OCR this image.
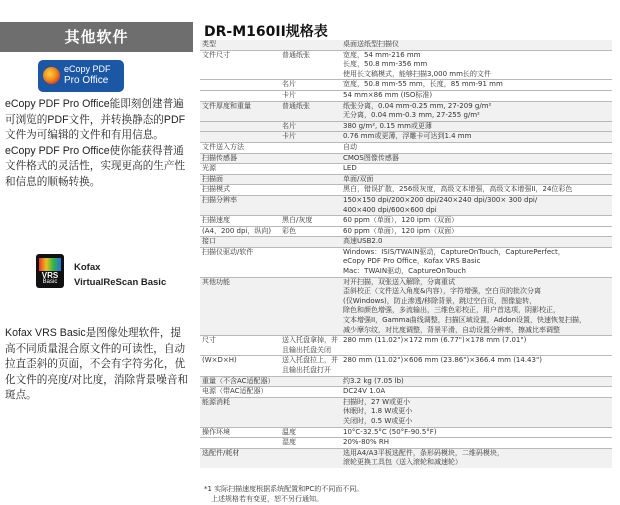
其他软件
eCopy PDF
Pro Office
eCopy PDF Pro Office能即刻创建普遍可浏览的PDF文件，并转换静态的PDF文件为可编辑的文件和有用信息。eCopy PDF Pro Office使你能获得普通文件格式的灵活性，实现更高的生产性和信息的顺畅转换。
VRS
Basic
Kofax
VirtualReScan Basic
Kofax VRS Basic是图像处理软件，提高不同质量混合原文件的可读性，自动拉直歪斜的页面，不会有字符劣化，优化文件的亮度/对比度，消除背景噪音和斑点。
DR-M160II规格表
类型		桌面送纸型扫描仪
文件尺寸	普通纸张	宽度，54 mm-216 mm
		长度，50.8 mm-356 mm
		使用长文稿模式，能够扫描3,000 mm长的文件
	名片	宽度，50.8 mm-55 mm，长度，85 mm-91 mm
	卡片	54 mm×86 mm (ISO标准)
文件厚度和重量	普通纸张	纸张分离，0.04 mm-0.25 mm, 27-209 g/m²
		无分离，0.04 mm-0.3 mm, 27-255 g/m²
	名片	380 g/m², 0.15 mm或更薄
	卡片	0.76 mm或更薄，浮雕卡可达到1.4 mm
文件送入方法		自动
扫描传感器		CMOS图像传感器
光源		LED
扫描面		单面/双面
扫描模式		黑白，错误扩散，256级灰度，高级文本增强，高级文本增强II，24位彩色
扫描分辨率		150×150 dpi/200×200 dpi/240×240 dpi/300× 300 dpi/
		400×400 dpi/600×600 dpi
扫描速度	黑白/灰度	60 ppm（单面），120 ipm（双面）
(A4，200 dpi，纵向)	彩色	60 ppm（单面），120 ipm（双面）
接口		高速USB2.0
扫描仪驱动/软件		Windows：ISIS/TWAIN驱动，CaptureOnTouch，CapturePerfect，
		eCopy PDF Pro Office，Kofax VRS Basic
		Mac：TWAIN驱动，CaptureOnTouch
其他功能		对开扫描，双张送入解除，分离重试
		歪斜校正（文件送入角度&内容），字符增强，空白页的批次分离
		(仅Windows)，防止渗透/移除背景，跳过空白页，图像旋转，
		除色和颜色增强，多流输出，三维色彩校正，用户首选项，阴影校正，
		文本增强II，Gamma曲线调整，扫描区域设置，Addon设置，快速恢复扫描，
		减少摩尔纹，对比度调整，背景平滑，自动设置分辨率，擦减比率调整
尺寸	送入托盘拿掉，并且输出托盘关闭	280 mm (11.02")×172 mm (6.77")×178 mm (7.01")
(W×D×H)	送入托盘拉上，并且输出托盘打开	280 mm (11.02")×606 mm (23.86")×366.4 mm (14.43")
重量（不含AC适配器）		约3.2 kg (7.05 lb)
电源（带AC适配器）		DC24V 1.0A
能源消耗		扫描时，27 W或更小
		休眠时，1.8 W或更小
		关闭时，0.5 W或更小
操作环境	温度	10°C-32.5°C (50°F-90.5°F)
	湿度	20%-80% RH
选配件/耗材		选用A4/A3平板选配件，条形码模块，二维码模块，
		滚轮更换工具包（送入滚轮和减速轮）
*1 实际扫描速度根据系统配置和PC的不同而不同。
上述规格若有变更，恕不另行通知。
